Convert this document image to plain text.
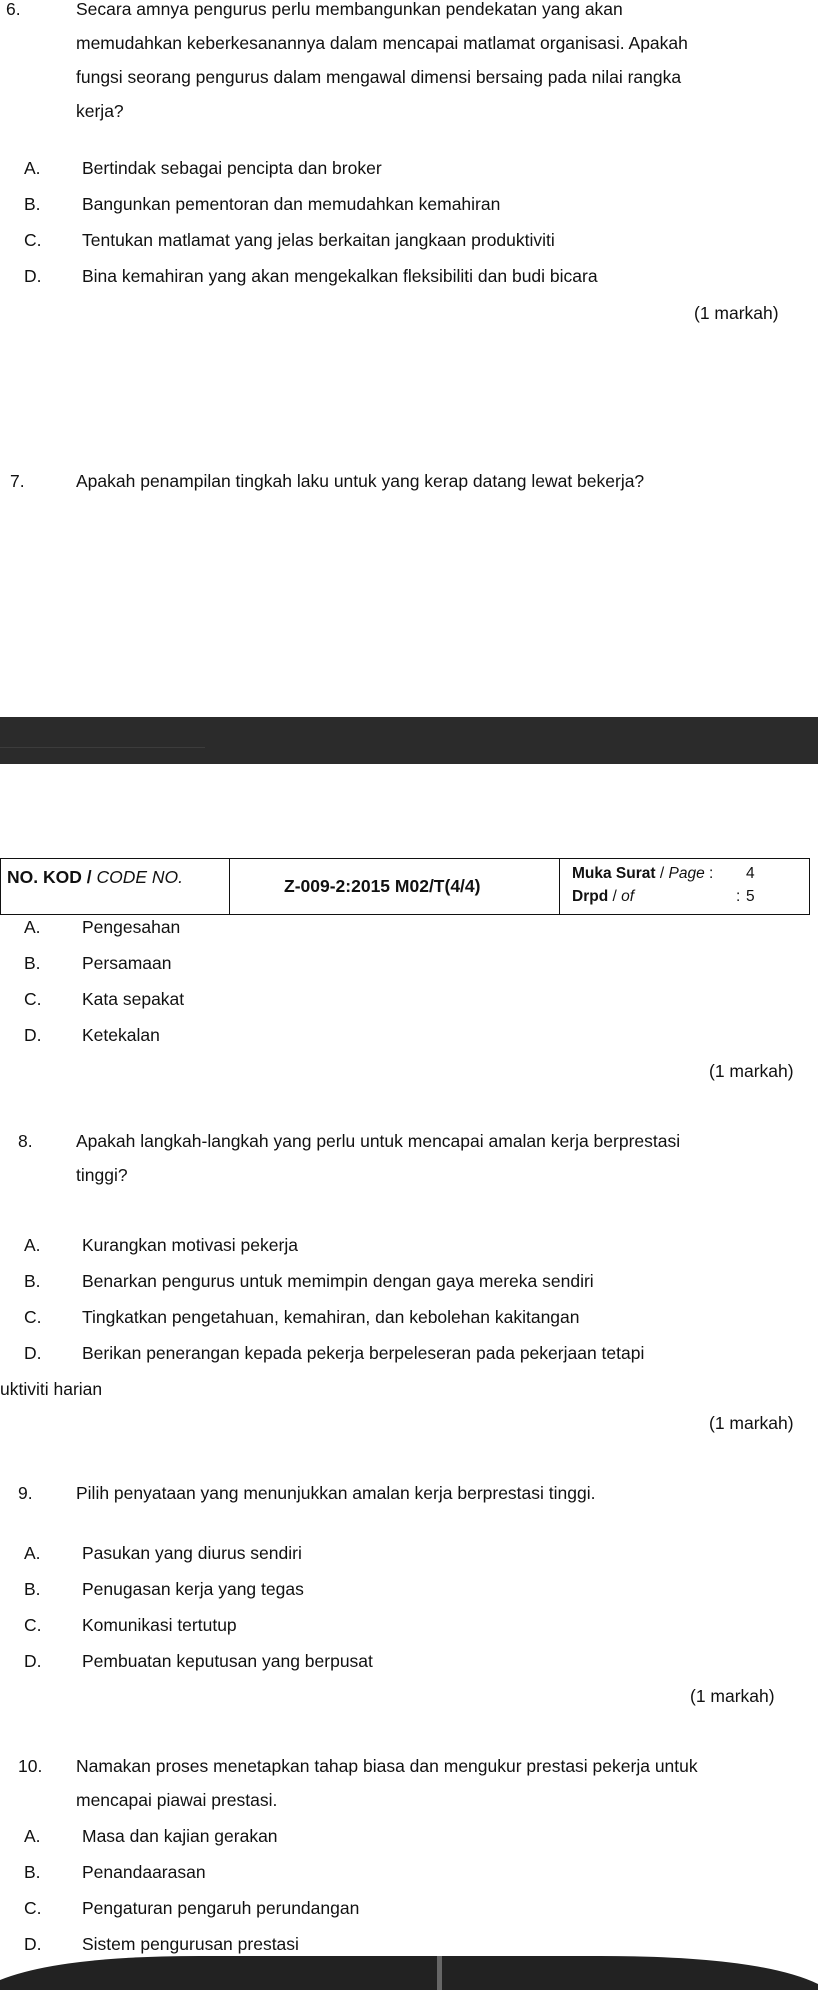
6.	Secara amnya pengurus perlu membangunkan pendekatan yang akan
memudahkan keberkesanannya dalam mencapai matlamat organisasi. Apakah
fungsi seorang pengurus dalam mengawal dimensi bersaing pada nilai rangka
kerja?
A. Bertindak sebagai pencipta dan broker
B. Bangunkan pementoran dan memudahkan kemahiran
C. Tentukan matlamat yang jelas berkaitan jangkaan produktiviti
D. Bina kemahiran yang akan mengekalkan fleksibiliti dan budi bicara
(1 markah)
7.	Apakah penampilan tingkah laku untuk yang kerap datang lewat bekerja?
NO. KOD / CODE NO.	Z-009-2:2015 M02/T(4/4)
Muka Surat / Page : 4
Drpd / of	: 5
A. Pengesahan
B. Persamaan
C. Kata sepakat
D. Ketekalan
(1 markah)
8. Apakah langkah-langkah yang perlu untuk mencapai amalan kerja berprestasi
tinggi?
A. Kurangkan motivasi pekerja
B. Benarkan pengurus untuk memimpin dengan gaya mereka sendiri
C. Tingkatkan pengetahuan, kemahiran, dan kebolehan kakitangan
D. Berikan penerangan kepada pekerja berpeleseran pada pekerjaan tetapi
uktiviti harian
(1 markah)
9. Pilih penyataan yang menunjukkan amalan kerja berprestasi tinggi.
A. Pasukan yang diurus sendiri
B. Penugasan kerja yang tegas
C. Komunikasi tertutup
D. Pembuatan keputusan yang berpusat
(1 markah)
10. Namakan proses menetapkan tahap biasa dan mengukur prestasi pekerja untuk
mencapai piawai prestasi.
A. Masa dan kajian gerakan
B. Penandaarasan
C. Pengaturan pengaruh perundangan
D. Sistem pengurusan prestasi
